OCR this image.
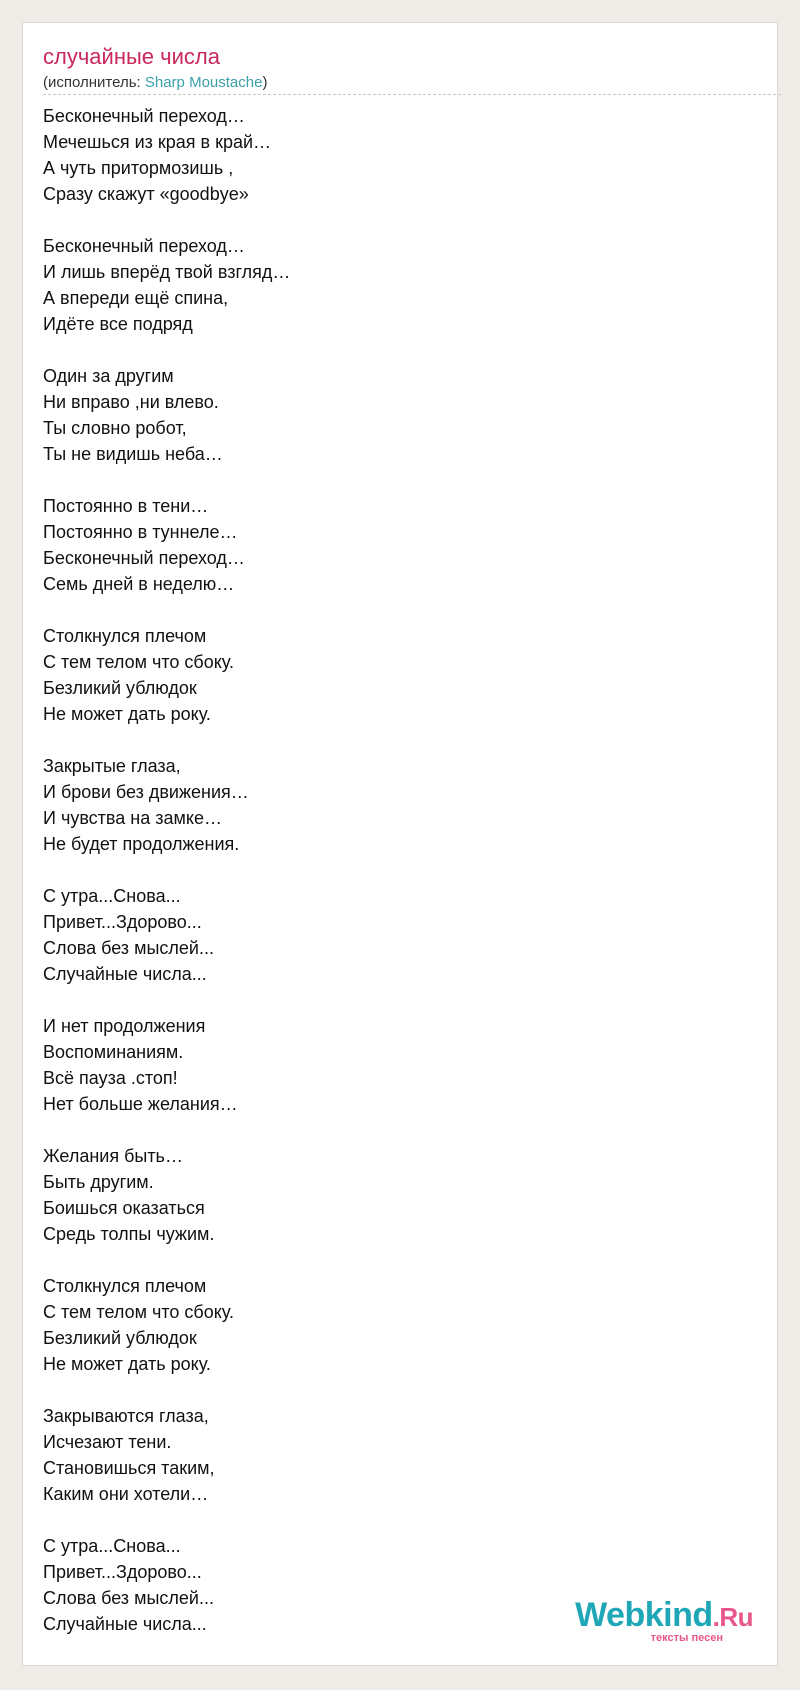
случайные числа
(исполнитель: Sharp Moustache)
Бесконечный переход…
Мечешься из края в край…
А чуть притормозишь ,
Сразу скажут «goodbye»
Бесконечный переход…
И лишь вперёд твой взгляд…
А впереди ещё спина,
Идёте все подряд
Один за другим
Ни вправо ,ни влево.
Ты словно робот,
Ты не видишь неба…
Постоянно в тени…
Постоянно в туннеле…
Бесконечный переход…
Семь дней в неделю…
Столкнулся плечом
С тем телом что сбоку.
Безликий ублюдок
Не может дать року.
Закрытые глаза,
И брови без движения…
И чувства на замке…
Не будет продолжения.
С утра...Снова...
Привет...Здорово...
Слова без мыслей...
Случайные числа...
И нет продолжения
Воспоминаниям.
Всё пауза .стоп!
Нет больше желания…
Желания быть…
Быть другим.
Боишься оказаться
Средь толпы чужим.
Столкнулся плечом
С тем телом что сбоку.
Безликий ублюдок
Не может дать року.
Закрываются глаза,
Исчезают тени.
Становишься таким,
Каким они хотели…
С утра...Снова...
Привет...Здорово...
Слова без мыслей...
Случайные числа...	Webkind.Ru
тексты песен
